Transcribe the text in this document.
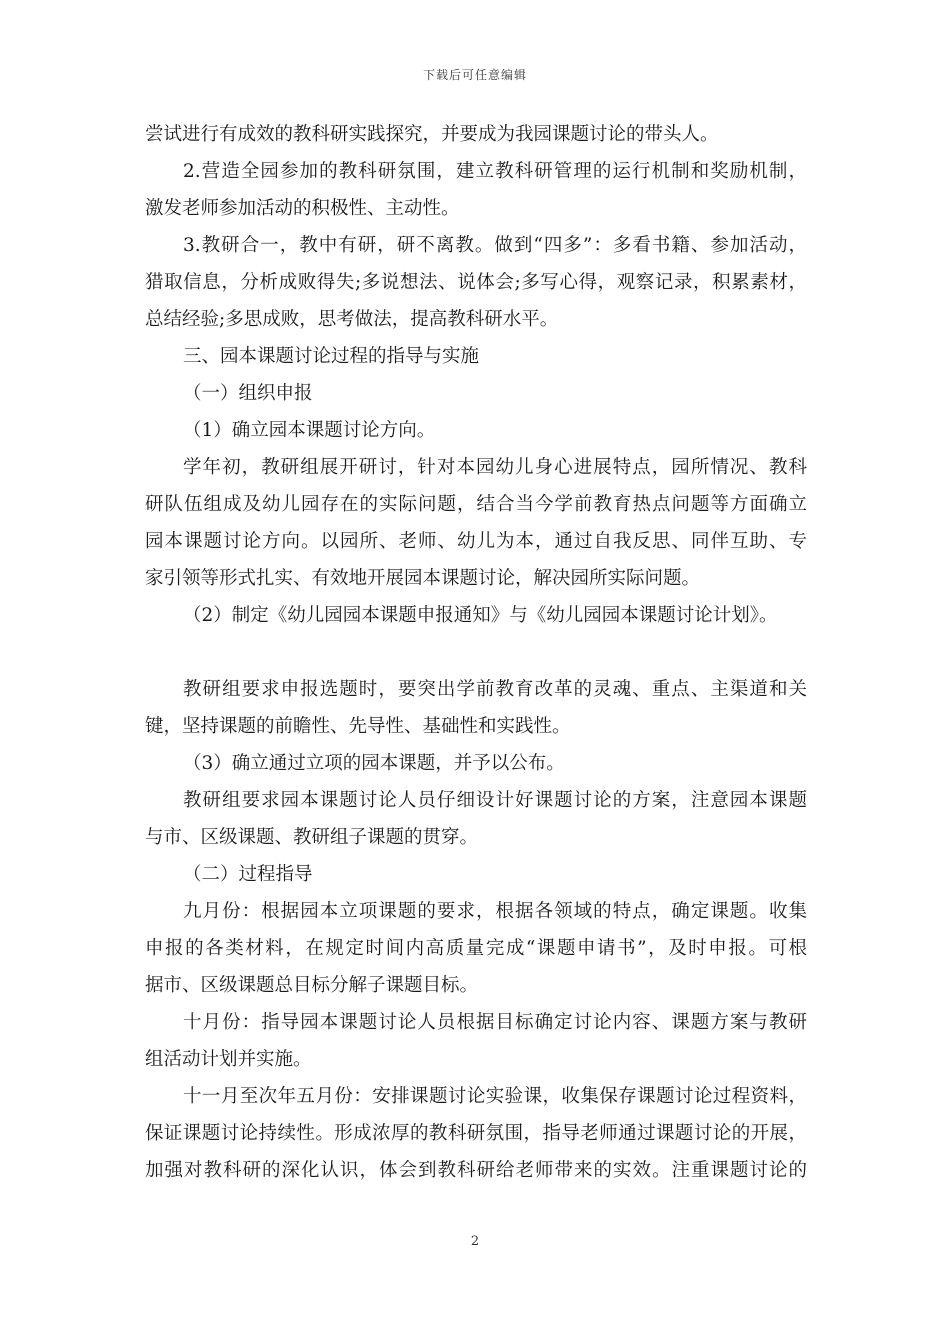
下载后可任意编辑
尝试进行有成效的教科研实践探究，并要成为我园课题讨论的带头人。
2.营造全园参加的教科研氛围，建立教科研管理的运行机制和奖励机制，
激发老师参加活动的积极性、主动性。
3.教研合一，教中有研，研不离教。做到“四多”：多看书籍、参加活动，
猎取信息，分析成败得失;多说想法、说体会;多写心得，观察记录，积累素材，
总结经验;多思成败，思考做法，提高教科研水平。
三、园本课题讨论过程的指导与实施
（一）组织申报
（1）确立园本课题讨论方向。
学年初，教研组展开研讨，针对本园幼儿身心进展特点，园所情况、教科
研队伍组成及幼儿园存在的实际问题，结合当今学前教育热点问题等方面确立
园本课题讨论方向。以园所、老师、幼儿为本，通过自我反思、同伴互助、专
家引领等形式扎实、有效地开展园本课题讨论，解决园所实际问题。
（2）制定《幼儿园园本课题申报通知》与《幼儿园园本课题讨论计划》。
教研组要求申报选题时，要突出学前教育改革的灵魂、重点、主渠道和关
键，坚持课题的前瞻性、先导性、基础性和实践性。
（3）确立通过立项的园本课题，并予以公布。
教研组要求园本课题讨论人员仔细设计好课题讨论的方案，注意园本课题
与市、区级课题、教研组子课题的贯穿。
（二）过程指导
九月份：根据园本立项课题的要求，根据各领域的特点，确定课题。收集
申报的各类材料，在规定时间内高质量完成“课题申请书”，及时申报。可根
据市、区级课题总目标分解子课题目标。
十月份：指导园本课题讨论人员根据目标确定讨论内容、课题方案与教研
组活动计划并实施。
十一月至次年五月份：安排课题讨论实验课，收集保存课题讨论过程资料，
保证课题讨论持续性。形成浓厚的教科研氛围，指导老师通过课题讨论的开展，
加强对教科研的深化认识，体会到教科研给老师带来的实效。注重课题讨论的
2
